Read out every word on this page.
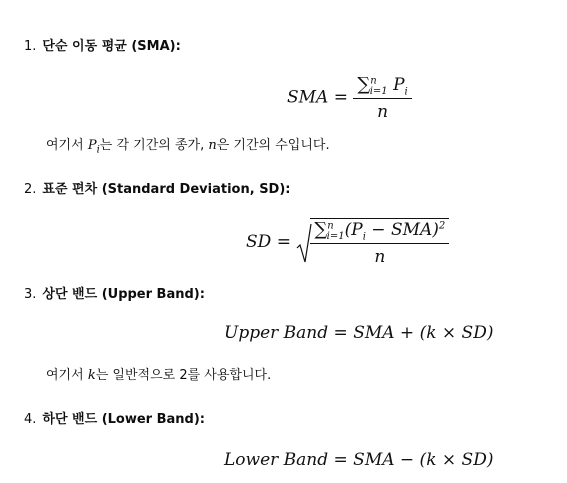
1. 단순 이동 평균 (SMA):
SMA = $\frac{\sum^n_{i=1} P_i}{n}$
여기서 $P_i$는 각 기간의 종가, n은 기간의 수입니다.
2. 표준 편차 (Standard Deviation, SD):
SD = $\frac{\sum^n_{i=1}(P_i - SMA)^2}{n}$
3. 상단 밴드 (Upper Band):
Upper Band = SMA + (k × SD)
여기서 k는 일반적으로 2를 사용합니다.
4. 하단 밴드 (Lower Band):
Lower Band = SMA − (k × SD)
